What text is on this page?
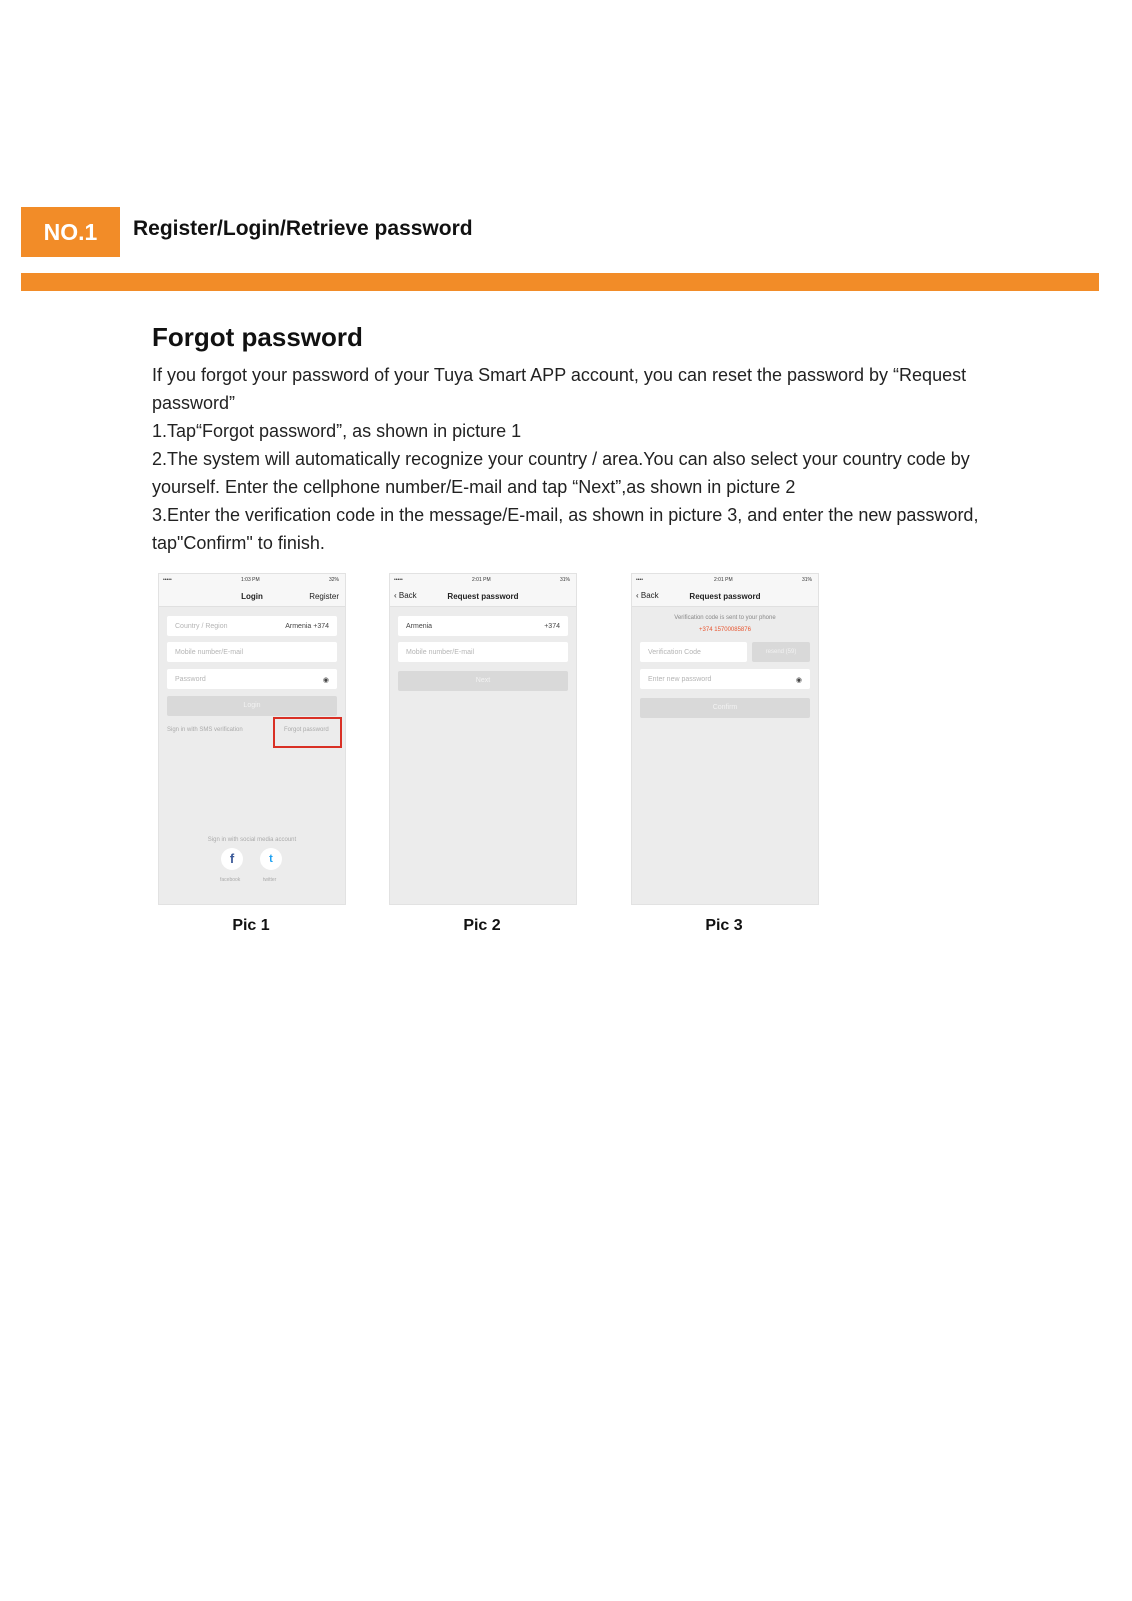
NO.1	Register/Login/Retrieve password
Forgot password

If you forgot your password of your Tuya Smart APP account, you can reset the password by “Request password”

1.Tap“Forgot password”, as shown in picture 1

2.The system will automatically recognize your country / area.You can also select your country code by yourself. Enter the cellphone number/E-mail and tap “Next”,as shown in picture 2

3.Enter the verification code in the message/E-mail, as shown in picture 3, and enter the new password, tap"Confirm" to finish.

•••••	1:03 PM	32%
Login	Register
Country / Region	Armenia +374
Mobile number/E-mail
Password	◉
Login
Sign in with SMS verification	Forgot password
Sign in with social media account
f	t
facebook	twitter
Pic 1
•••••	2:01 PM	31%
‹ Back	Request password
Armenia	+374
Mobile number/E-mail
Next
Pic 2
••••	2:01 PM	31%
‹ Back	Request password
Verification code is sent to your phone
+374 15700085876
Verification Code	resend (59)
Enter new password	◉
Confirm
Pic 3
